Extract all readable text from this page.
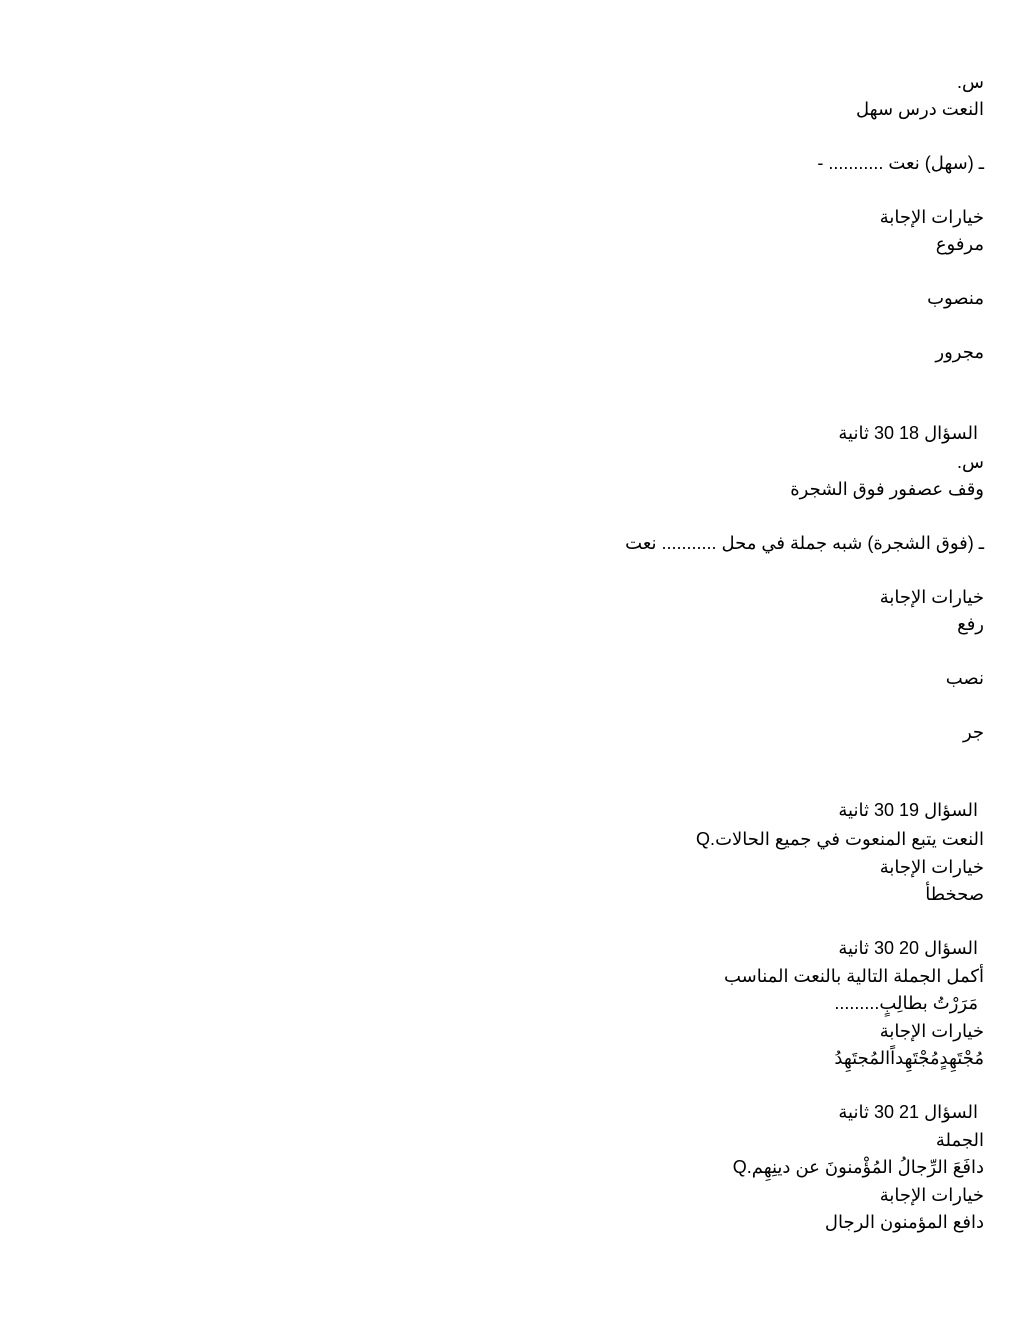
س.
النعت درس سهل
ـ (سهل) نعت ........... -
خيارات الإجابة
مرفوع
منصوب
مجرور
السؤال 18 30 ثانية
س.
وقف عصفور فوق الشجرة
ـ (فوق الشجرة) شبه جملة في محل ........... نعت
خيارات الإجابة
رفع
نصب
جر
السؤال 19 30 ثانية
Q.النعت يتبع المنعوت في جميع الحالات
خيارات الإجابة
صحخطأ
السؤال 20 30 ثانية
أكمل الجملة التالية بالنعت المناسب
مَرَرْتُ بطالِبٍ.........
خيارات الإجابة
مُجْتَهِدٍمُجْتَهِداًالمُجتَهِدُ
السؤال 21 30 ثانية
الجملة
Q.دافَعَ الرِّجالُ المُؤْمنونَ عن دينِهِم
خيارات الإجابة
دافع المؤمنون الرجال
